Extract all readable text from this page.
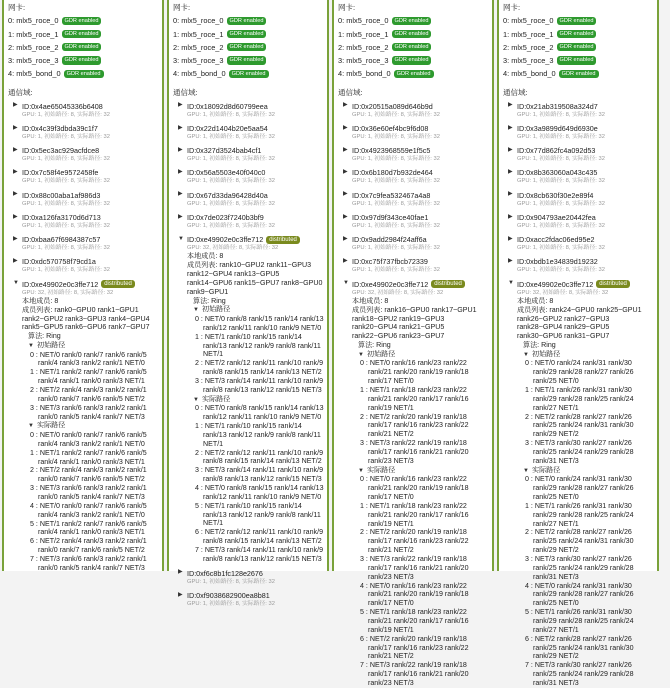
网卡:
0: mlx5_roce_0	GDR enabled
1: mlx5_roce_1	GDR enabled
2: mlx5_roce_2	GDR enabled
3: mlx5_roce_3	GDR enabled
4: mlx5_bond_0	GDR enabled
通信域:
▶ ID:0x4ae65045336b6408
GPU: 1, 初始路径: 8, 实际路径: 32
▶ ID:0x4c39f3dbda39c1f7
GPU: 1, 初始路径: 8, 实际路径: 32
▶ ID:0x5ec3ac929acfdce8
GPU: 1, 初始路径: 8, 实际路径: 32
▶ ID:0x7c58f4e9572458fe
GPU: 1, 初始路径: 8, 实际路径: 32
▶ ID:0x88c00aba1af986d3
GPU: 1, 初始路径: 8, 实际路径: 32
▶ ID:0xa126fa3170d6d713
GPU: 1, 初始路径: 8, 实际路径: 32
▶ ID:0xbaa67f6984387c57
GPU: 1, 初始路径: 8, 实际路径: 32
▶ ID:0xdc570758f79cd1a
GPU: 1, 初始路径: 8, 实际路径: 32
▼ ID:0xe49902e0c3ffe712	distributed
GPU: 32, 初始路径: 8, 实际路径: 32
本地成员: 8
成员列表: rank0~GPU0 rank1~GPU1 rank2~GPU2 rank3~GPU3 rank4~GPU4 rank5~GPU5 rank6~GPU6 rank7~GPU7
算法: Ring
▼ 初始路径
0 : NET/0 rank/0 rank/7 rank/6 rank/5 rank/4 rank/3 rank/2 rank/1 NET/0
1 : NET/1 rank/2 rank/7 rank/6 rank/5 rank/4 rank/1 rank/0 rank/3 NET/1
2 : NET/2 rank/4 rank/3 rank/2 rank/1 rank/0 rank/7 rank/6 rank/5 NET/2
3 : NET/3 rank/6 rank/3 rank/2 rank/1 rank/0 rank/5 rank/4 rank/7 NET/3
▼ 实际路径
0 : NET/0 rank/0 rank/7 rank/6 rank/5 rank/4 rank/3 rank/2 rank/1 NET/0
1 : NET/1 rank/2 rank/7 rank/6 rank/5 rank/4 rank/1 rank/0 rank/3 NET/1
2 : NET/2 rank/4 rank/3 rank/2 rank/1 rank/0 rank/7 rank/6 rank/5 NET/2
3 : NET/3 rank/6 rank/3 rank/2 rank/1 rank/0 rank/5 rank/4 rank/7 NET/3
4 : NET/0 rank/0 rank/7 rank/6 rank/5 rank/4 rank/3 rank/2 rank/1 NET/0
5 : NET/1 rank/2 rank/7 rank/6 rank/5 rank/4 rank/1 rank/0 rank/3 NET/1
6 : NET/2 rank/4 rank/3 rank/2 rank/1 rank/0 rank/7 rank/6 rank/5 NET/2
7 : NET/3 rank/6 rank/3 rank/2 rank/1 rank/0 rank/5 rank/4 rank/7 NET/3
网卡:
0: mlx5_roce_0	GDR enabled
1: mlx5_roce_1	GDR enabled
2: mlx5_roce_2	GDR enabled
3: mlx5_roce_3	GDR enabled
4: mlx5_bond_0	GDR enabled
通信域:
▶ ID:0x18092d8d60799eea
GPU: 1, 初始路径: 8, 实际路径: 32
▶ ID:0x22d1404b20e5aa54
GPU: 1, 初始路径: 8, 实际路径: 32
▶ ID:0x327d3524bab4cf1
GPU: 1, 初始路径: 8, 实际路径: 32
▶ ID:0x56a5503e40f040c0
GPU: 1, 初始路径: 8, 实际路径: 32
▶ ID:0x67d33da96428d40a
GPU: 1, 初始路径: 8, 实际路径: 32
▶ ID:0x7de023f7240b3bf9
GPU: 1, 初始路径: 8, 实际路径: 32
▼ ID:0xe49902e0c3ffe712	distributed
GPU: 32, 初始路径: 8, 实际路径: 32
本地成员: 8
成员列表: rank10~GPU2 rank11~GPU3 rank12~GPU4 rank13~GPU5 rank14~GPU6 rank15~GPU7 rank8~GPU0 rank9~GPU1
算法: Ring
▼ 初始路径
0 : NET/0 rank/8 rank/15 rank/14 rank/13 rank/12 rank/11 rank/10 rank/9 NET/0
1 : NET/1 rank/10 rank/15 rank/14 rank/13 rank/12 rank/9 rank/8 rank/11 NET/1
2 : NET/2 rank/12 rank/11 rank/10 rank/9 rank/8 rank/15 rank/14 rank/13 NET/2
3 : NET/3 rank/14 rank/11 rank/10 rank/9 rank/8 rank/13 rank/12 rank/15 NET/3
▼ 实际路径
0 : NET/0 rank/8 rank/15 rank/14 rank/13 rank/12 rank/11 rank/10 rank/9 NET/0
1 : NET/1 rank/10 rank/15 rank/14 rank/13 rank/12 rank/9 rank/8 rank/11 NET/1
2 : NET/2 rank/12 rank/11 rank/10 rank/9 rank/8 rank/15 rank/14 rank/13 NET/2
3 : NET/3 rank/14 rank/11 rank/10 rank/9 rank/8 rank/13 rank/12 rank/15 NET/3
4 : NET/0 rank/8 rank/15 rank/14 rank/13 rank/12 rank/11 rank/10 rank/9 NET/0
5 : NET/1 rank/10 rank/15 rank/14 rank/13 rank/12 rank/9 rank/8 rank/11 NET/1
6 : NET/2 rank/12 rank/11 rank/10 rank/9 rank/8 rank/15 rank/14 rank/13 NET/2
7 : NET/3 rank/14 rank/11 rank/10 rank/9 rank/8 rank/13 rank/12 rank/15 NET/3
▶ ID:0xf6c8b1fc128e2676
GPU: 1, 初始路径: 8, 实际路径: 32
▶ ID:0xf9038682900ea8b81
GPU: 1, 初始路径: 8, 实际路径: 32
网卡:
0: mlx5_roce_0	GDR enabled
1: mlx5_roce_1	GDR enabled
2: mlx5_roce_2	GDR enabled
3: mlx5_roce_3	GDR enabled
4: mlx5_bond_0	GDR enabled
通信域:
▶ ID:0x20515a089d646b9d
GPU: 1, 初始路径: 8, 实际路径: 32
▶ ID:0x36e60ef4bc9f6d08
GPU: 1, 初始路径: 8, 实际路径: 32
▶ ID:0x4923968559e1f5c5
GPU: 1, 初始路径: 8, 实际路径: 32
▶ ID:0x6b180d7b932de464
GPU: 1, 初始路径: 8, 实际路径: 32
▶ ID:0x7c9fea532467a4a8
GPU: 1, 初始路径: 8, 实际路径: 32
▶ ID:0x97d9f343ce40fae1
GPU: 1, 初始路径: 8, 实际路径: 32
▶ ID:0x9add2984f24aff6a
GPU: 1, 初始路径: 8, 实际路径: 32
▶ ID:0xc75f737fbcb72339
GPU: 1, 初始路径: 8, 实际路径: 32
▼ ID:0xe49902e0c3ffe712	distributed
GPU: 32, 初始路径: 8, 实际路径: 32
本地成员: 8
成员列表: rank16~GPU0 rank17~GPU1 rank18~GPU2 rank19~GPU3 rank20~GPU4 rank21~GPU5 rank22~GPU6 rank23~GPU7
算法: Ring
▼ 初始路径
0 : NET/0 rank/16 rank/23 rank/22 rank/21 rank/20 rank/19 rank/18 rank/17 NET/0
1 : NET/1 rank/18 rank/23 rank/22 rank/21 rank/20 rank/17 rank/16 rank/19 NET/1
2 : NET/2 rank/20 rank/19 rank/18 rank/17 rank/16 rank/23 rank/22 rank/21 NET/2
3 : NET/3 rank/22 rank/19 rank/18 rank/17 rank/16 rank/21 rank/20 rank/23 NET/3
▼ 实际路径
0 : NET/0 rank/16 rank/23 rank/22 rank/21 rank/20 rank/19 rank/18 rank/17 NET/0
1 : NET/1 rank/18 rank/23 rank/22 rank/21 rank/20 rank/17 rank/16 rank/19 NET/1
2 : NET/2 rank/20 rank/19 rank/18 rank/17 rank/16 rank/23 rank/22 rank/21 NET/2
3 : NET/3 rank/22 rank/19 rank/18 rank/17 rank/16 rank/21 rank/20 rank/23 NET/3
4 : NET/0 rank/16 rank/23 rank/22 rank/21 rank/20 rank/19 rank/18 rank/17 NET/0
5 : NET/1 rank/18 rank/23 rank/22 rank/21 rank/20 rank/17 rank/16 rank/19 NET/1
6 : NET/2 rank/20 rank/19 rank/18 rank/17 rank/16 rank/23 rank/22 rank/21 NET/2
7 : NET/3 rank/22 rank/19 rank/18 rank/17 rank/16 rank/21 rank/20 rank/23 NET/3
网卡:
0: mlx5_roce_0	GDR enabled
1: mlx5_roce_1	GDR enabled
2: mlx5_roce_2	GDR enabled
3: mlx5_roce_3	GDR enabled
4: mlx5_bond_0	GDR enabled
通信域:
▶ ID:0x21ab319508a324d7
GPU: 1, 初始路径: 8, 实际路径: 32
▶ ID:0x3a9899d649d6930e
GPU: 1, 初始路径: 8, 实际路径: 32
▶ ID:0x77d862fc4a092d53
GPU: 1, 初始路径: 8, 实际路径: 32
▶ ID:0x8b363060a043c435
GPU: 1, 初始路径: 8, 实际路径: 32
▶ ID:0x8cb630f30e2e89f4
GPU: 1, 初始路径: 8, 实际路径: 32
▶ ID:0x904793ae20442fea
GPU: 1, 初始路径: 8, 实际路径: 32
▶ ID:0xacc2fdac06ed95e2
GPU: 1, 初始路径: 8, 实际路径: 32
▶ ID:0xbdb1e34839d19232
GPU: 1, 初始路径: 8, 实际路径: 32
▼ ID:0xe49902e0c3ffe712	distributed
GPU: 32, 初始路径: 8, 实际路径: 32
本地成员: 8
成员列表: rank24~GPU0 rank25~GPU1 rank26~GPU2 rank27~GPU3 rank28~GPU4 rank29~GPU5 rank30~GPU6 rank31~GPU7
算法: Ring
▼ 初始路径
0 : NET/0 rank/24 rank/31 rank/30 rank/29 rank/28 rank/27 rank/26 rank/25 NET/0
1 : NET/1 rank/26 rank/31 rank/30 rank/29 rank/28 rank/25 rank/24 rank/27 NET/1
2 : NET/2 rank/28 rank/27 rank/26 rank/25 rank/24 rank/31 rank/30 rank/29 NET/2
3 : NET/3 rank/30 rank/27 rank/26 rank/25 rank/24 rank/29 rank/28 rank/31 NET/3
▼ 实际路径
0 : NET/0 rank/24 rank/31 rank/30 rank/29 rank/28 rank/27 rank/26 rank/25 NET/0
1 : NET/1 rank/26 rank/31 rank/30 rank/29 rank/28 rank/25 rank/24 rank/27 NET/1
2 : NET/2 rank/28 rank/27 rank/26 rank/25 rank/24 rank/31 rank/30 rank/29 NET/2
3 : NET/3 rank/30 rank/27 rank/26 rank/25 rank/24 rank/29 rank/28 rank/31 NET/3
4 : NET/0 rank/24 rank/31 rank/30 rank/29 rank/28 rank/27 rank/26 rank/25 NET/0
5 : NET/1 rank/26 rank/31 rank/30 rank/29 rank/28 rank/25 rank/24 rank/27 NET/1
6 : NET/2 rank/28 rank/27 rank/26 rank/25 rank/24 rank/31 rank/30 rank/29 NET/2
7 : NET/3 rank/30 rank/27 rank/26 rank/25 rank/24 rank/29 rank/28 rank/31 NET/3
